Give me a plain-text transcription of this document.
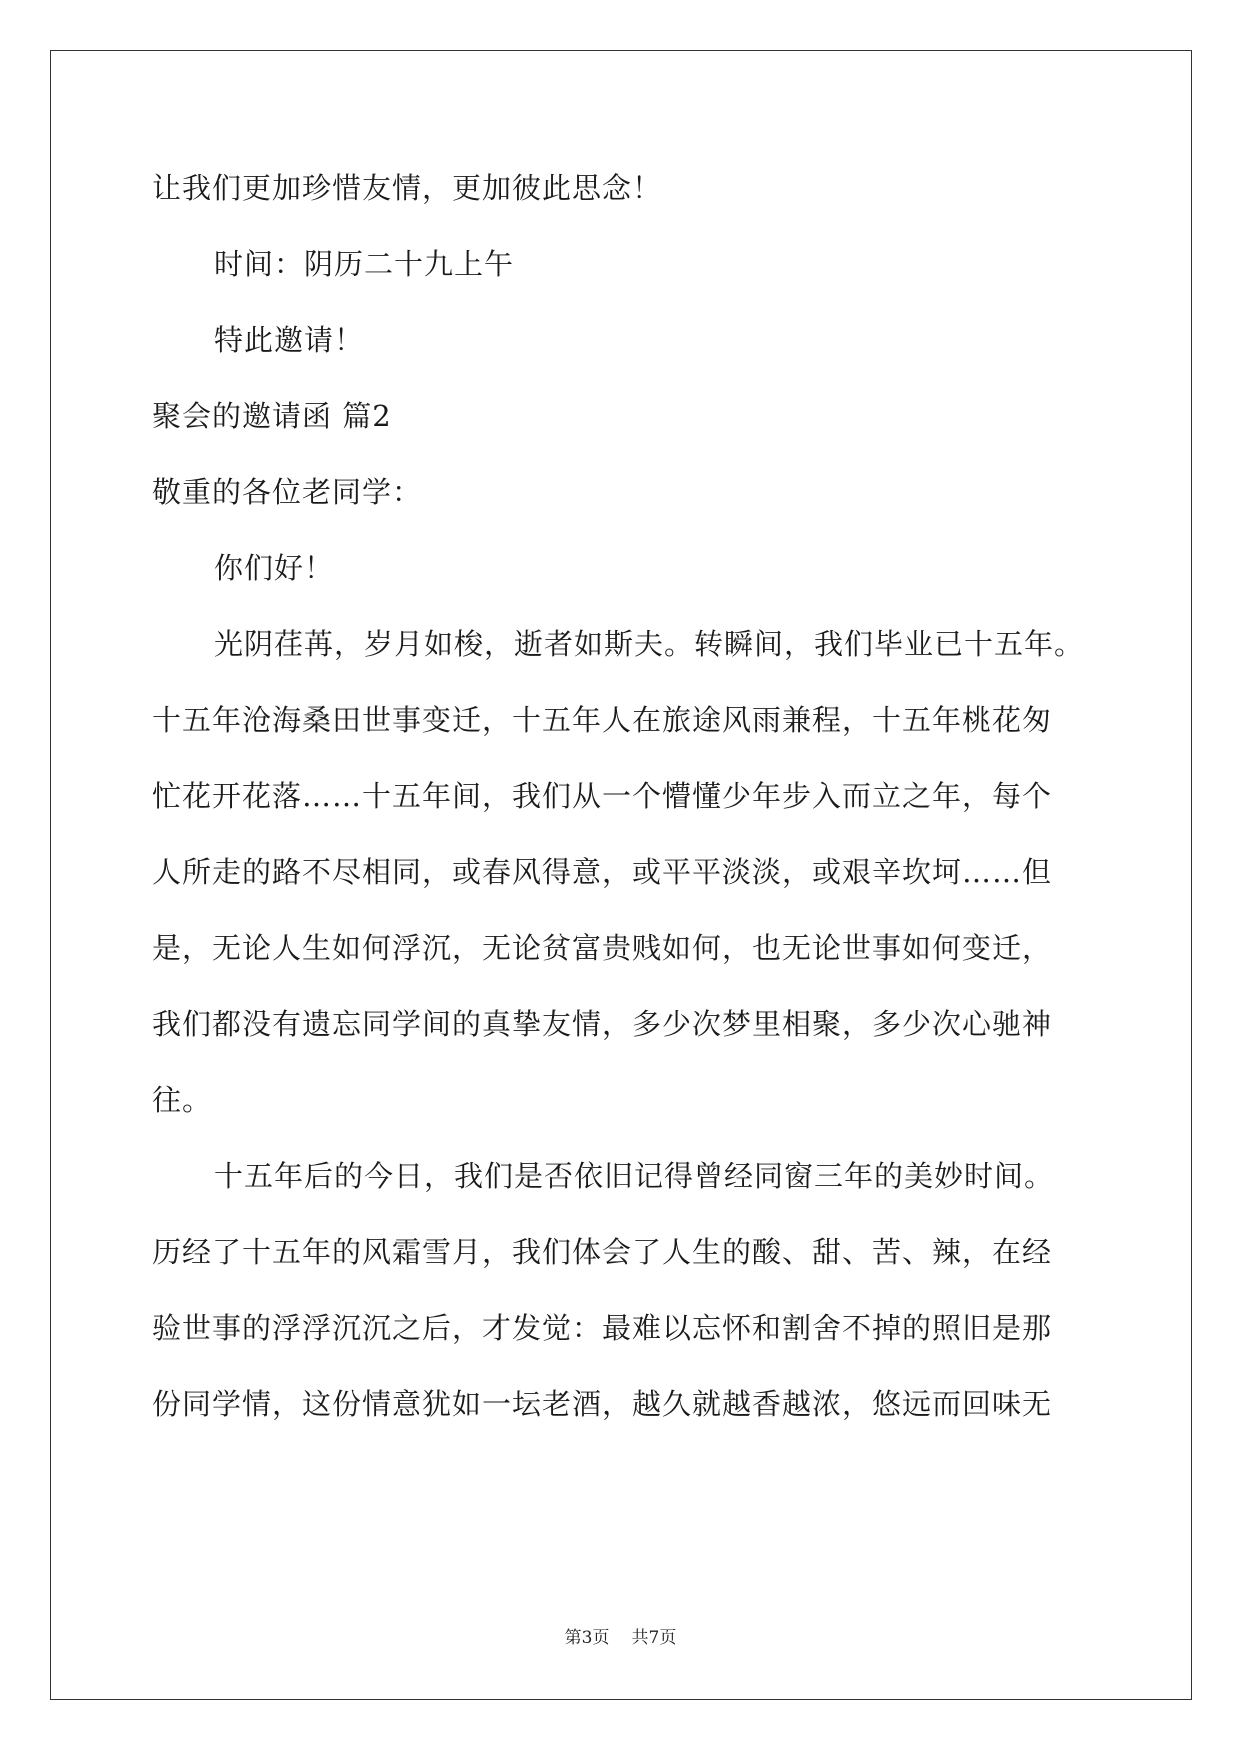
让我们更加珍惜友情，更加彼此思念！
时间：阴历二十九上午
特此邀请！
聚会的邀请函 篇2
敬重的各位老同学：
你们好！
光阴荏苒，岁月如梭，逝者如斯夫。转瞬间，我们毕业已十五年。
十五年沧海桑田世事变迁，十五年人在旅途风雨兼程，十五年桃花匆
忙花开花落……十五年间，我们从一个懵懂少年步入而立之年，每个
人所走的路不尽相同，或春风得意，或平平淡淡，或艰辛坎坷……但
是，无论人生如何浮沉，无论贫富贵贱如何，也无论世事如何变迁，
我们都没有遗忘同学间的真挚友情，多少次梦里相聚，多少次心驰神
往。
十五年后的今日，我们是否依旧记得曾经同窗三年的美妙时间。
历经了十五年的风霜雪月，我们体会了人生的酸、甜、苦、辣，在经
验世事的浮浮沉沉之后，才发觉：最难以忘怀和割舍不掉的照旧是那
份同学情，这份情意犹如一坛老酒，越久就越香越浓，悠远而回味无
第3页 共7页
